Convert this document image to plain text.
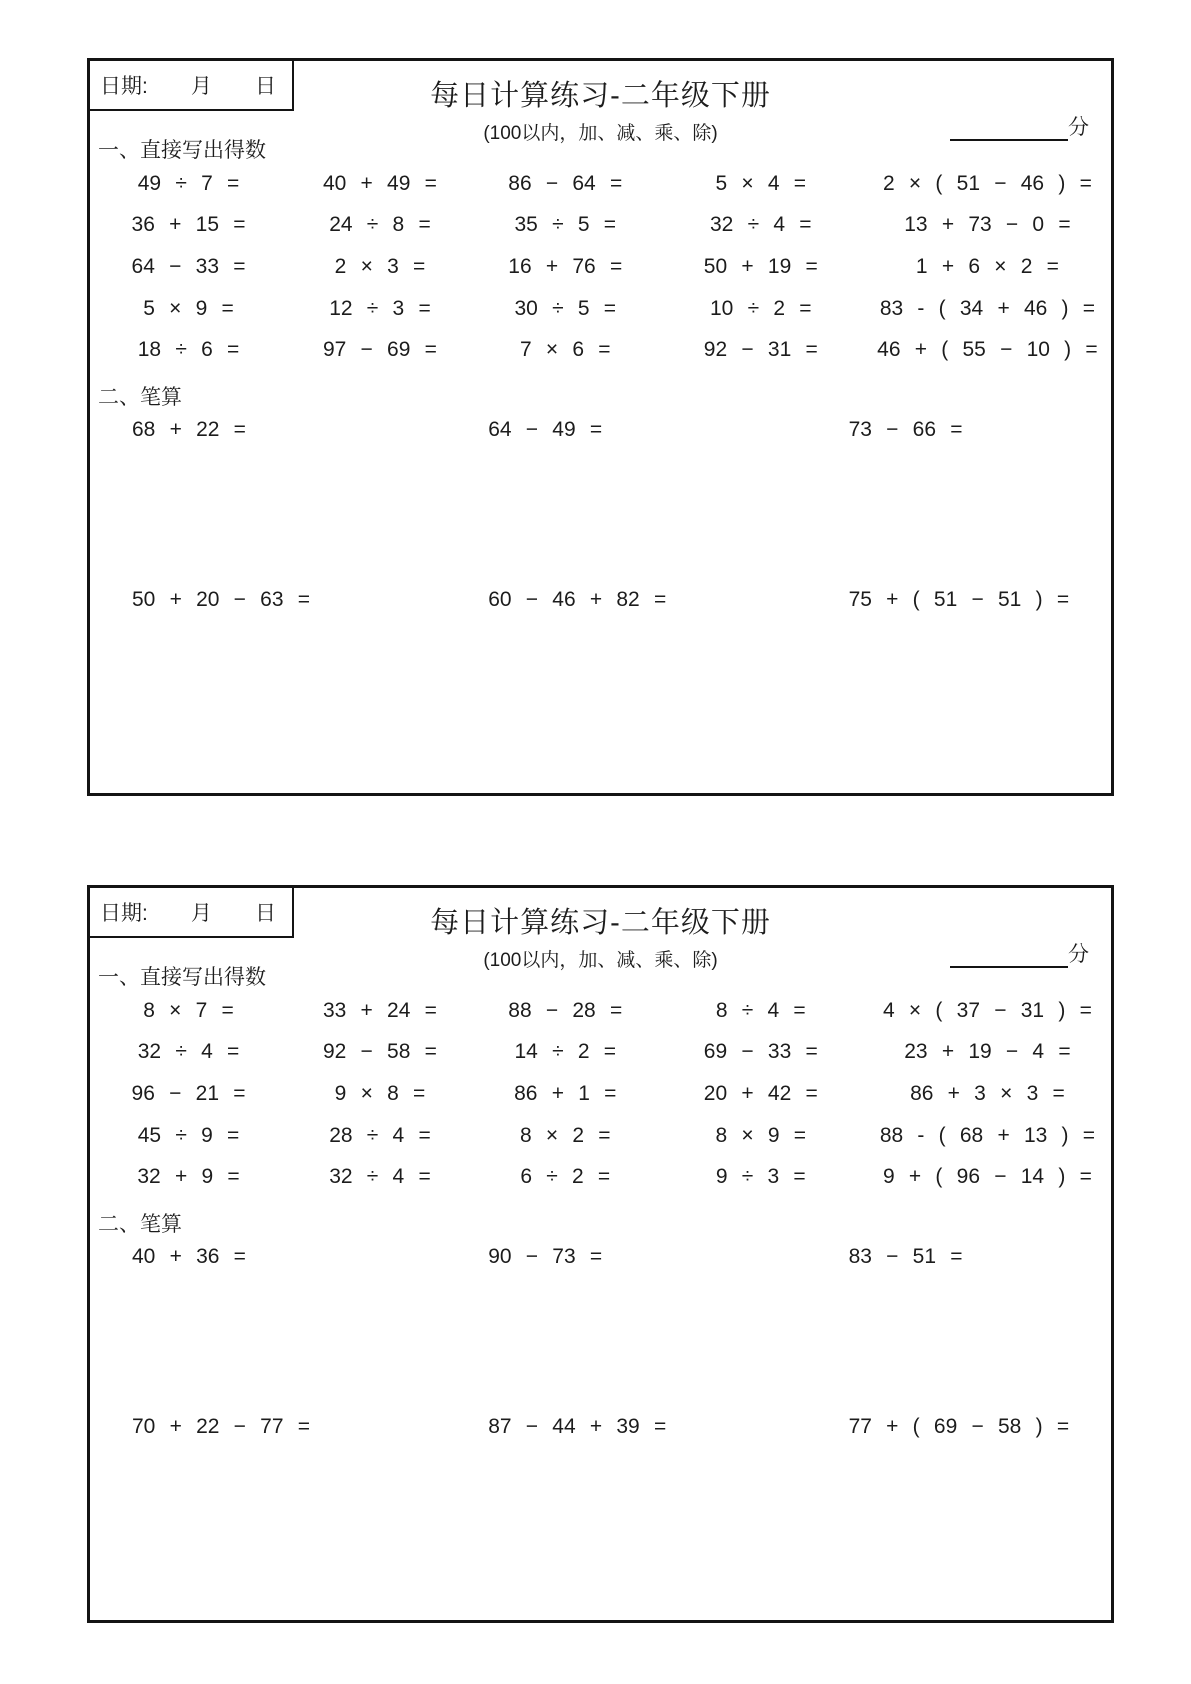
日期: 月 日	每日计算练习-二年级下册
(100以内，加、减、乘、除)	分
一、直接写出得数
49 ÷ 7 =	40 + 49 =	86 − 64 =	5 × 4 =	2 × ( 51 − 46 ) =
36 + 15 =	24 ÷ 8 =	35 ÷ 5 =	32 ÷ 4 =	13 + 73 − 0 =
64 − 33 =	2 × 3 =	16 + 76 =	50 + 19 =	1 + 6 × 2 =
5 × 9 =	12 ÷ 3 =	30 ÷ 5 =	10 ÷ 2 =	83 - ( 34 + 46 ) =
18 ÷ 6 =	97 − 69 =	7 × 6 =	92 − 31 =	46 + ( 55 − 10 ) =
二、笔算
68 + 22 =	64 − 49 =	73 − 66 =
50 + 20 − 63 =	60 − 46 + 82 =	75 + ( 51 − 51 ) =
日期: 月 日	每日计算练习-二年级下册
(100以内，加、减、乘、除)	分
一、直接写出得数
8 × 7 =	33 + 24 =	88 − 28 =	8 ÷ 4 =	4 × ( 37 − 31 ) =
32 ÷ 4 =	92 − 58 =	14 ÷ 2 =	69 − 33 =	23 + 19 − 4 =
96 − 21 =	9 × 8 =	86 + 1 =	20 + 42 =	86 + 3 × 3 =
45 ÷ 9 =	28 ÷ 4 =	8 × 2 =	8 × 9 =	88 - ( 68 + 13 ) =
32 + 9 =	32 ÷ 4 =	6 ÷ 2 =	9 ÷ 3 =	9 + ( 96 − 14 ) =
二、笔算
40 + 36 =	90 − 73 =	83 − 51 =
70 + 22 − 77 =	87 − 44 + 39 =	77 + ( 69 − 58 ) =
